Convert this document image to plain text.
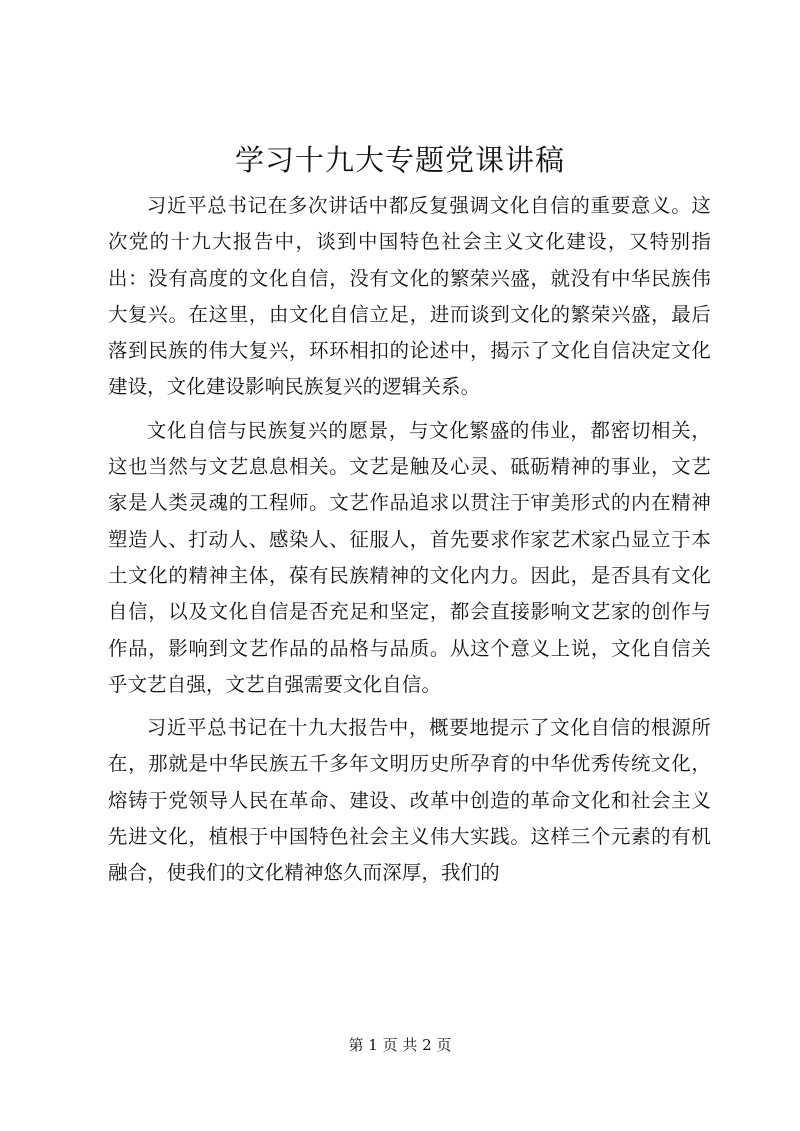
学习十九大专题党课讲稿

习近平总书记在多次讲话中都反复强调文化自信的重要意义。这次党的十九大报告中，谈到中国特色社会主义文化建设，又特别指出：没有高度的文化自信，没有文化的繁荣兴盛，就没有中华民族伟大复兴。在这里，由文化自信立足，进而谈到文化的繁荣兴盛，最后落到民族的伟大复兴，环环相扣的论述中，揭示了文化自信决定文化建设，文化建设影响民族复兴的逻辑关系。

文化自信与民族复兴的愿景，与文化繁盛的伟业，都密切相关，这也当然与文艺息息相关。文艺是触及心灵、砥砺精神的事业，文艺家是人类灵魂的工程师。文艺作品追求以贯注于审美形式的内在精神塑造人、打动人、感染人、征服人，首先要求作家艺术家凸显立于本土文化的精神主体，葆有民族精神的文化内力。因此，是否具有文化自信，以及文化自信是否充足和坚定，都会直接影响文艺家的创作与作品，影响到文艺作品的品格与品质。从这个意义上说，文化自信关乎文艺自强，文艺自强需要文化自信。

习近平总书记在十九大报告中，概要地提示了文化自信的根源所在，那就是中华民族五千多年文明历史所孕育的中华优秀传统文化，熔铸于党领导人民在革命、建设、改革中创造的革命文化和社会主义先进文化，植根于中国特色社会主义伟大实践。这样三个元素的有机融合，使我们的文化精神悠久而深厚，我们的

第 1 页 共 2 页
